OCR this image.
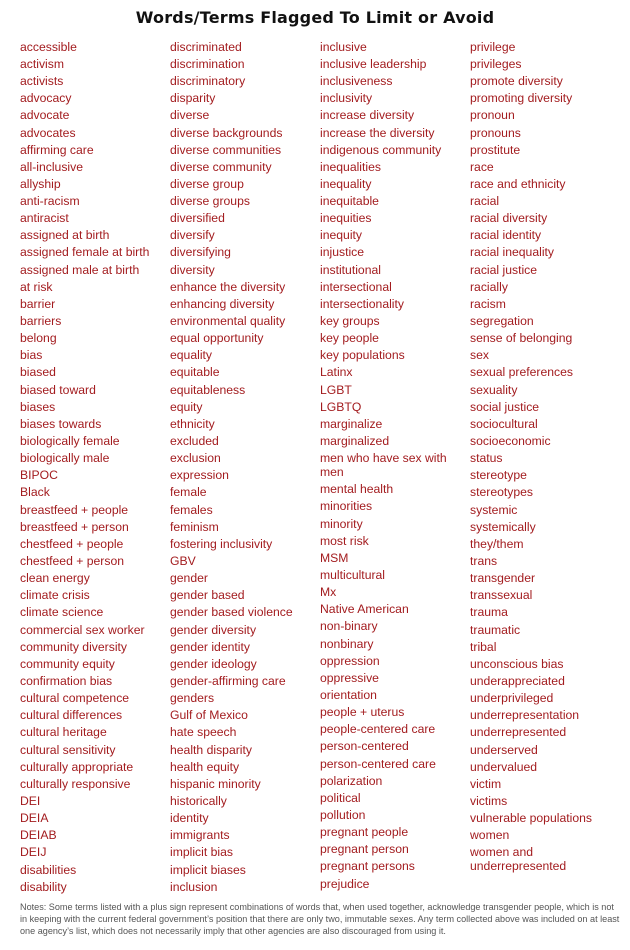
Words/Terms Flagged To Limit or Avoid
accessible
activism
activists
advocacy
advocate
advocates
affirming care
all-inclusive
allyship
anti-racism
antiracist
assigned at birth
assigned female at birth
assigned male at birth
at risk
barrier
barriers
belong
bias
biased
biased toward
biases
biases towards
biologically female
biologically male
BIPOC
Black
breastfeed + people
breastfeed + person
chestfeed + people
chestfeed + person
clean energy
climate crisis
climate science
commercial sex worker
community diversity
community equity
confirmation bias
cultural competence
cultural differences
cultural heritage
cultural sensitivity
culturally appropriate
culturally responsive
DEI
DEIA
DEIAB
DEIJ
disabilities
disability
discriminated
discrimination
discriminatory
disparity
diverse
diverse backgrounds
diverse communities
diverse community
diverse group
diverse groups
diversified
diversify
diversifying
diversity
enhance the diversity
enhancing diversity
environmental quality
equal opportunity
equality
equitable
equitableness
equity
ethnicity
excluded
exclusion
expression
female
females
feminism
fostering inclusivity
GBV
gender
gender based
gender based violence
gender diversity
gender identity
gender ideology
gender-affirming care
genders
Gulf of Mexico
hate speech
health disparity
health equity
hispanic minority
historically
identity
immigrants
implicit bias
implicit biases
inclusion
inclusive
inclusive leadership
inclusiveness
inclusivity
increase diversity
increase the diversity
indigenous community
inequalities
inequality
inequitable
inequities
inequity
injustice
institutional
intersectional
intersectionality
key groups
key people
key populations
Latinx
LGBT
LGBTQ
marginalize
marginalized
men who have sex with men
mental health
minorities
minority
most risk
MSM
multicultural
Mx
Native American
non-binary
nonbinary
oppression
oppressive
orientation
people + uterus
people-centered care
person-centered
person-centered care
polarization
political
pollution
pregnant people
pregnant person
pregnant persons
prejudice
privilege
privileges
promote diversity
promoting diversity
pronoun
pronouns
prostitute
race
race and ethnicity
racial
racial diversity
racial identity
racial inequality
racial justice
racially
racism
segregation
sense of belonging
sex
sexual preferences
sexuality
social justice
sociocultural
socioeconomic
status
stereotype
stereotypes
systemic
systemically
they/them
trans
transgender
transsexual
trauma
traumatic
tribal
unconscious bias
underappreciated
underprivileged
underrepresentation
underrepresented
underserved
undervalued
victim
victims
vulnerable populations
women
women and underrepresented
Notes: Some terms listed with a plus sign represent combinations of words that, when used together, acknowledge transgender people, which is not in keeping with the current federal government’s position that there are only two, immutable sexes. Any term collected above was included on at least one agency’s list, which does not necessarily imply that other agencies are also discouraged from using it.
